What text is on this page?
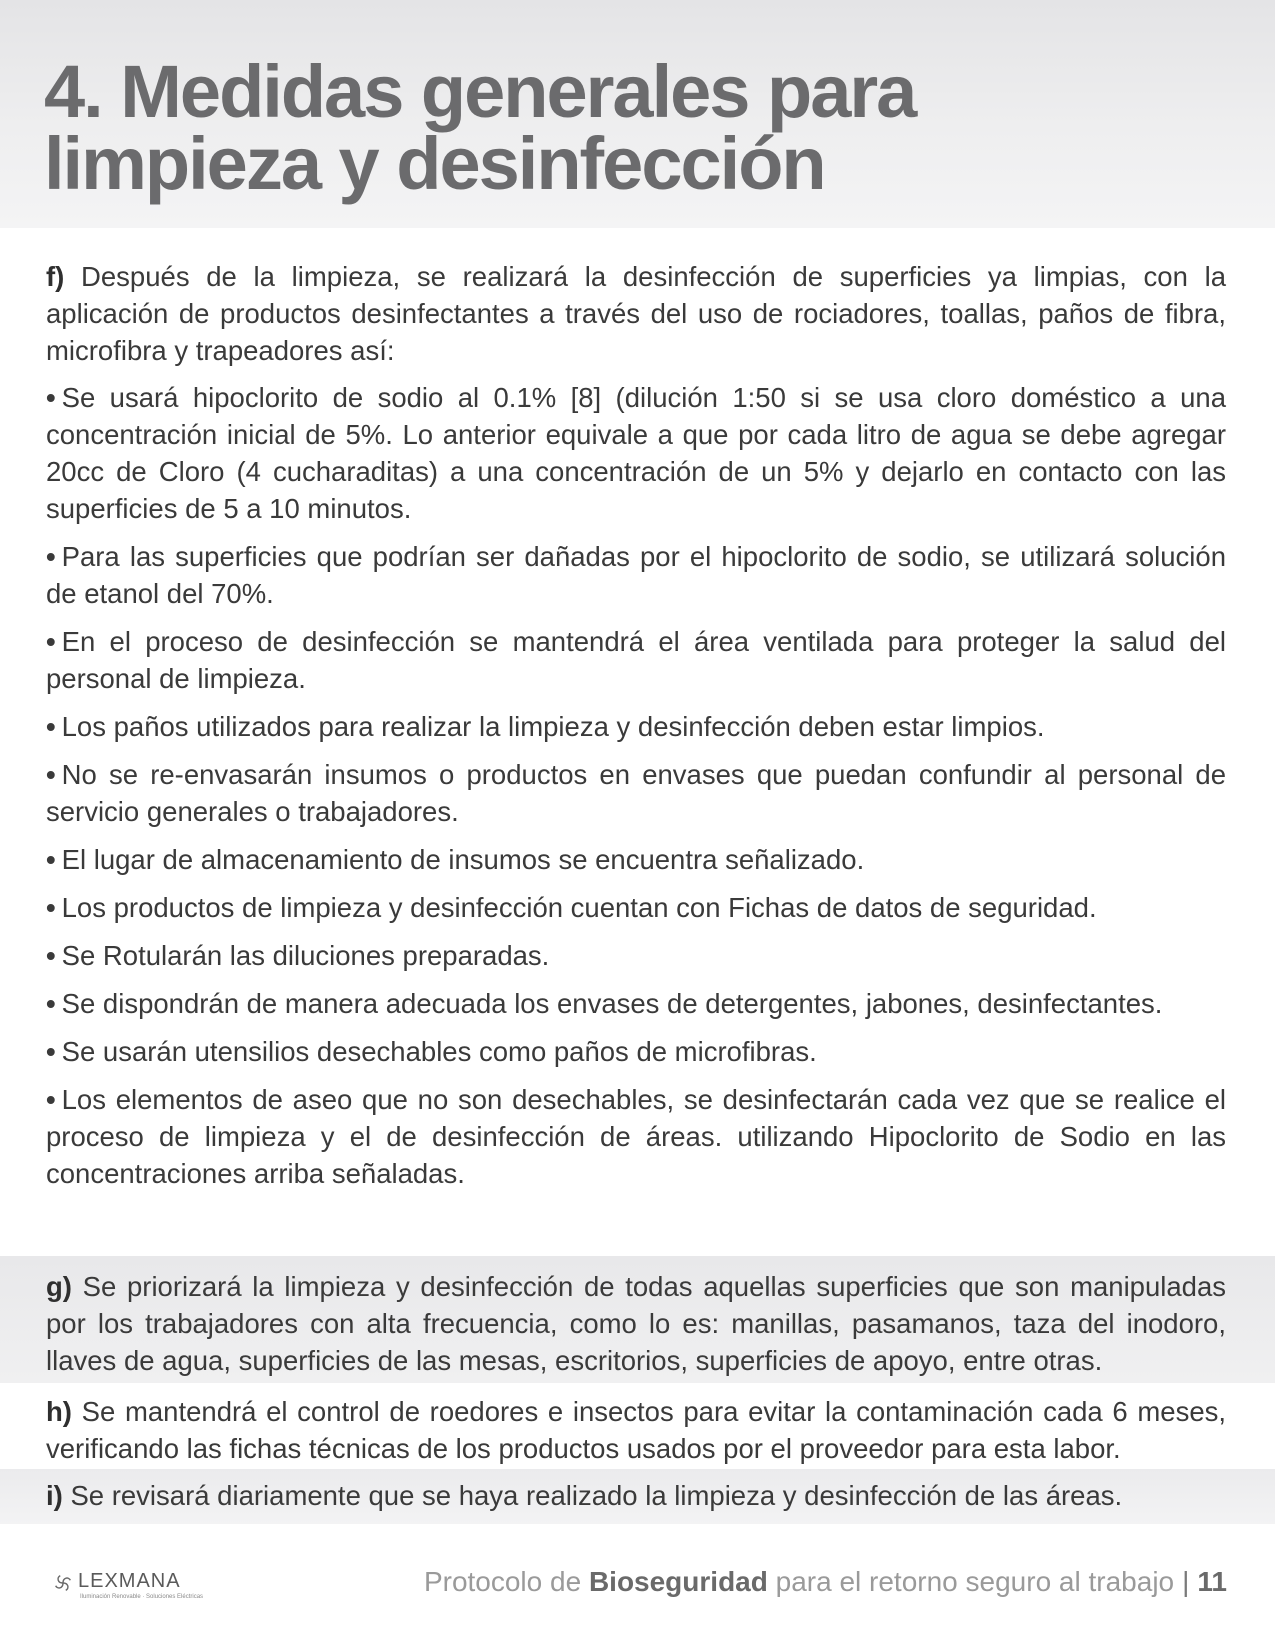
4. Medidas generales para
limpieza y desinfección

f) Después de la limpieza, se realizará la desinfección de superficies ya limpias, con la aplicación de productos desinfectantes a través del uso de rociadores, toallas, paños de fibra, microfibra y trapeadores así:

• Se usará hipoclorito de sodio al 0.1% [8] (dilución 1:50 si se usa cloro doméstico a una concentración inicial de 5%. Lo anterior equivale a que por cada litro de agua se debe agregar 20cc de Cloro (4 cucharaditas) a una concentración de un 5% y dejarlo en contacto con las superficies de 5 a 10 minutos.

• Para las superficies que podrían ser dañadas por el hipoclorito de sodio, se utilizará solución de etanol del 70%.

• En el proceso de desinfección se mantendrá el área ventilada para proteger la salud del personal de limpieza.

• Los paños utilizados para realizar la limpieza y desinfección deben estar limpios.

• No se re-envasarán insumos o productos en envases que puedan confundir al personal de servicio generales o trabajadores.

• El lugar de almacenamiento de insumos se encuentra señalizado.

• Los productos de limpieza y desinfección cuentan con Fichas de datos de seguridad.

• Se Rotularán las diluciones preparadas.

• Se dispondrán de manera adecuada los envases de detergentes, jabones, desinfectantes.

• Se usarán utensilios desechables como paños de microfibras.

• Los elementos de aseo que no son desechables, se desinfectarán cada vez que se realice el proceso de limpieza y el de desinfección de áreas. utilizando Hipoclorito de Sodio en las concentraciones arriba señaladas.

g) Se priorizará la limpieza y desinfección de todas aquellas superficies que son manipuladas por los trabajadores con alta frecuencia, como lo es: manillas, pasamanos, taza del inodoro, llaves de agua, superficies de las mesas, escritorios, superficies de apoyo, entre otras.

h) Se mantendrá el control de roedores e insectos para evitar la contaminación cada 6 meses, verificando las fichas técnicas de los productos usados por el proveedor para esta labor.

i) Se revisará diariamente que se haya realizado la limpieza y desinfección de las áreas.

LEXMANA
Iluminación Renovable · Soluciones Eléctricas	Protocolo de Bioseguridad para el retorno seguro al trabajo | 11
